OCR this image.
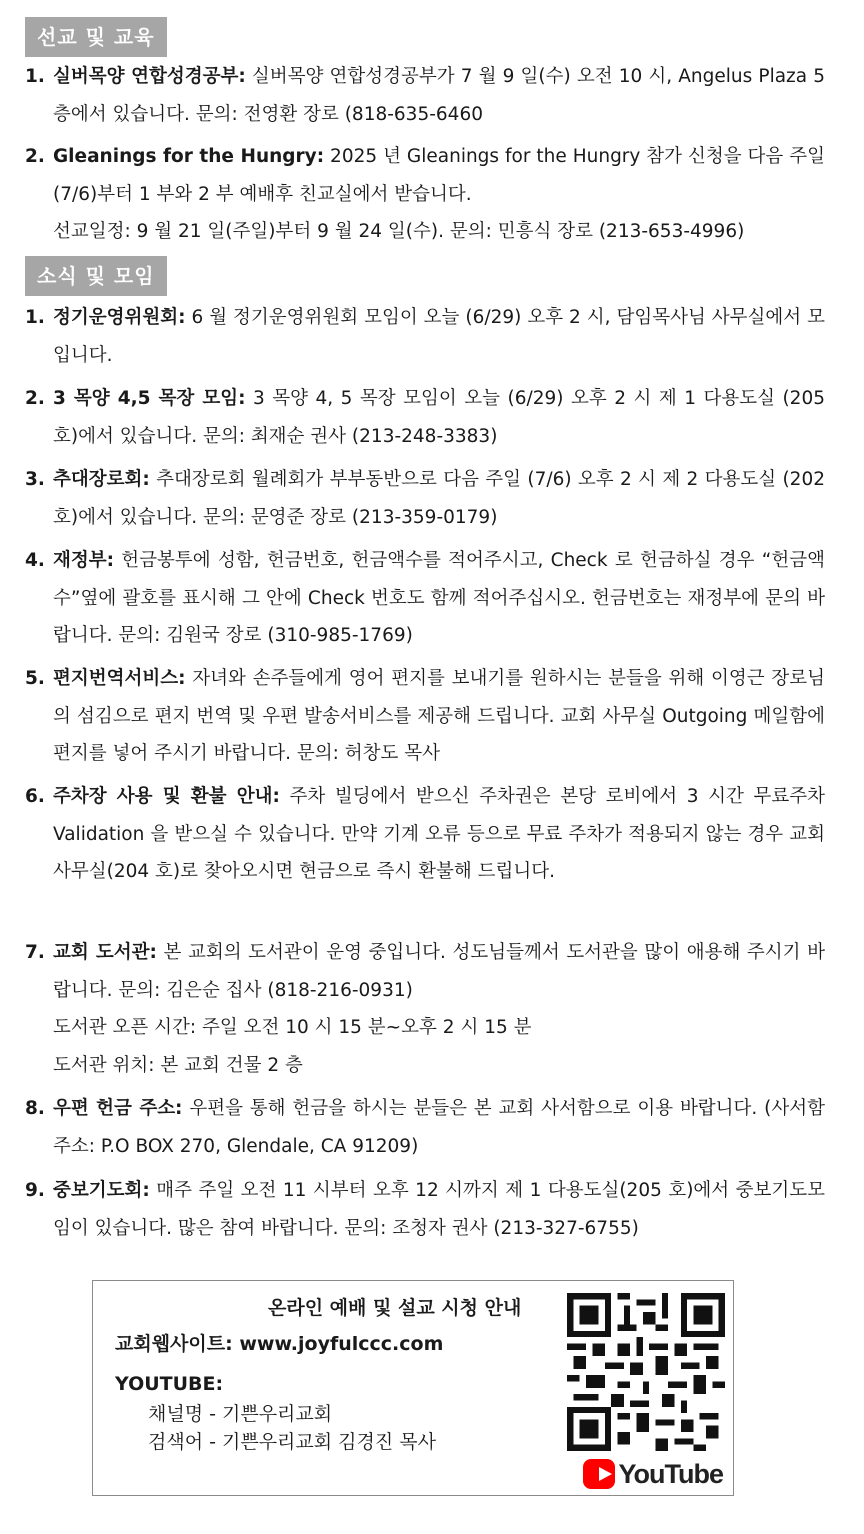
선교 및 교육
1. 실버목양 연합성경공부: 실버목양 연합성경공부가 7 월 9 일(수) 오전 10 시, Angelus Plaza 5 층에서 있습니다. 문의: 전영환 장로 (818-635-6460
2. Gleanings for the Hungry: 2025 년 Gleanings for the Hungry 참가 신청을 다음 주일 (7/6)부터 1 부와 2 부 예배후 친교실에서 받습니다.
선교일정: 9 월 21 일(주일)부터 9 월 24 일(수). 문의: 민흥식 장로 (213-653-4996)
소식 및 모임
1. 정기운영위원회: 6 월 정기운영위원회 모임이 오늘 (6/29) 오후 2 시, 담임목사님 사무실에서 모입니다.
2. 3 목양 4,5 목장 모임: 3 목양 4, 5 목장 모임이 오늘 (6/29) 오후 2 시 제 1 다용도실 (205 호)에서 있습니다. 문의: 최재순 권사 (213-248-3383)
3. 추대장로회: 추대장로회 월례회가 부부동반으로 다음 주일 (7/6) 오후 2 시 제 2 다용도실 (202 호)에서 있습니다. 문의: 문영준 장로 (213-359-0179)
4. 재정부: 헌금봉투에 성함, 헌금번호, 헌금액수를 적어주시고, Check 로 헌금하실 경우 “헌금액수”옆에 괄호를 표시해 그 안에 Check 번호도 함께 적어주십시오. 헌금번호는 재정부에 문의 바랍니다. 문의: 김원국 장로 (310-985-1769)
5. 편지번역서비스: 자녀와 손주들에게 영어 편지를 보내기를 원하시는 분들을 위해 이영근 장로님의 섬김으로 편지 번역 및 우편 발송서비스를 제공해 드립니다. 교회 사무실 Outgoing 메일함에 편지를 넣어 주시기 바랍니다. 문의: 허창도 목사
6. 주차장 사용 및 환불 안내: 주차 빌딩에서 받으신 주차권은 본당 로비에서 3 시간 무료주차 Validation 을 받으실 수 있습니다. 만약 기계 오류 등으로 무료 주차가 적용되지 않는 경우 교회 사무실(204 호)로 찾아오시면 현금으로 즉시 환불해 드립니다.
7. 교회 도서관: 본 교회의 도서관이 운영 중입니다. 성도님들께서 도서관을 많이 애용해 주시기 바랍니다. 문의: 김은순 집사 (818-216-0931)
도서관 오픈 시간: 주일 오전 10 시 15 분~오후 2 시 15 분
도서관 위치: 본 교회 건물 2 층
8. 우편 헌금 주소: 우편을 통해 헌금을 하시는 분들은 본 교회 사서함으로 이용 바랍니다. (사서함 주소: P.O BOX 270, Glendale, CA 91209)
9. 중보기도회: 매주 주일 오전 11 시부터 오후 12 시까지 제 1 다용도실(205 호)에서 중보기도모임이 있습니다. 많은 참여 바랍니다. 문의: 조청자 권사 (213-327-6755)
온라인 예배 및 설교 시청 안내
교회웹사이트: www.joyfulccc.com
YOUTUBE:
채널명 - 기쁜우리교회
검색어 - 기쁜우리교회 김경진 목사
YouTube
